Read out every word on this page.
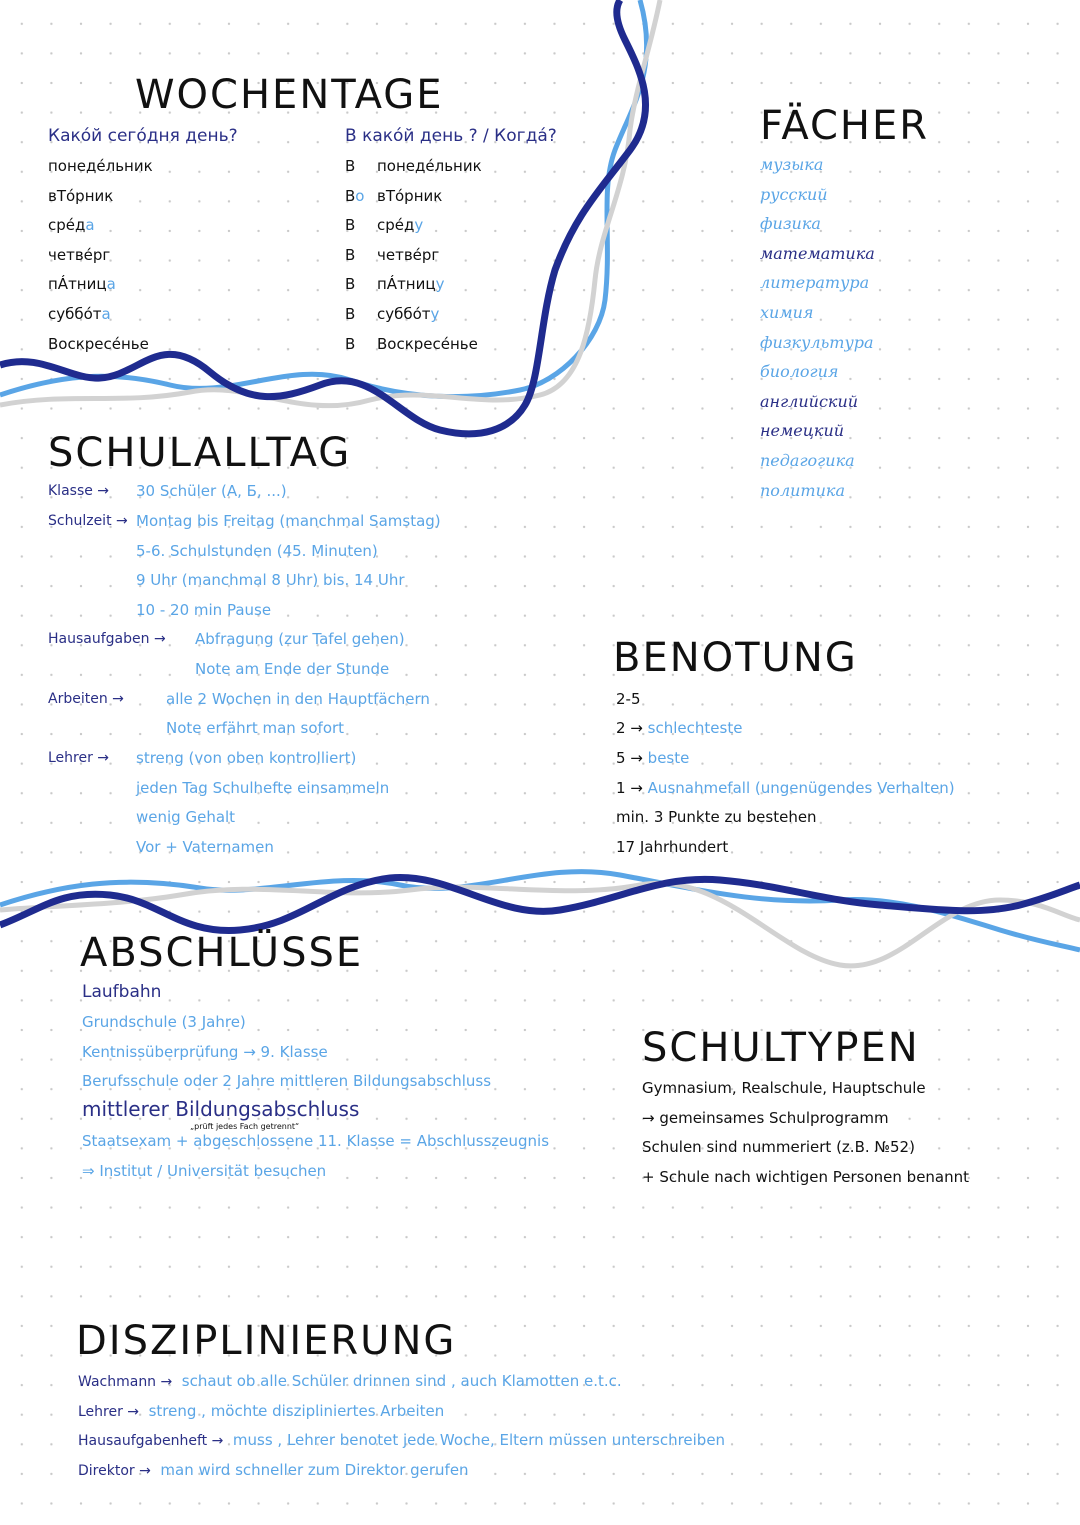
WOCHENTAGE
Какóй сегóдня день?	В какóй день ? / Когдá?
понедéльник
вТóрник
срéда
четвéрг
пÁтница
суббóта
Воскресéнье
В понедéльник
Во вТóрник
В срéду
В четвéрг
В пÁтницу
В суббóту
В Воскресéнье
FÄCHER
музыка
русский
физика
математика
литература
химия
физкультура
биология
английский
немецкий
педагогика
политика
SCHULALLTAG
Klasse → 30 Schüler (А, Б, ...)
Schulzeit → Montag bis Freitag (manchmal Samstag)
5-6. Schulstunden (45. Minuten)
9 Uhr (manchmal 8 Uhr) bis. 14 Uhr
10 - 20 min Pause
Hausaufgaben → Abfragung (zur Tafel gehen)
Note am Ende der Stunde
Arbeiten →	alle 2 Wochen in den Hauptfächern
Note erfährt man sofort
Lehrer → streng (von oben kontrolliert)
jeden Tag Schulhefte einsammeln
wenig Gehalt
Vor + Vaternamen
BENOTUNG
2-5
2 → schlechteste
5 → beste
1 → Ausnahmefall (ungenügendes Verhalten)
min. 3 Punkte zu bestehen
17 Jahrhundert
ABSCHLÜSSE
Laufbahn
Grundschule (3 Jahre)
Kentnissüberprüfung → 9. Klasse
Berufsschule oder 2 Jahre mittleren Bildungsabschluss
mittlerer Bildungsabschluss
„prüft jedes Fach getrennt“
Staatsexam + abgeschlossene 11. Klasse = Abschlusszeugnis
⇒ Institut / Universität besuchen
SCHULTYPEN
Gymnasium, Realschule, Hauptschule
→ gemeinsames Schulprogramm
Schulen sind nummeriert (z.B. №52)
+ Schule nach wichtigen Personen benannt
DISZIPLINIERUNG
Wachmann → schaut ob alle Schüler drinnen sind , auch Klamotten e.t.c.
Lehrer → streng , möchte diszipliniertes Arbeiten
Hausaufgabenheft → muss , Lehrer benotet jede Woche, Eltern müssen unterschreiben
Direktor → man wird schneller zum Direktor gerufen
